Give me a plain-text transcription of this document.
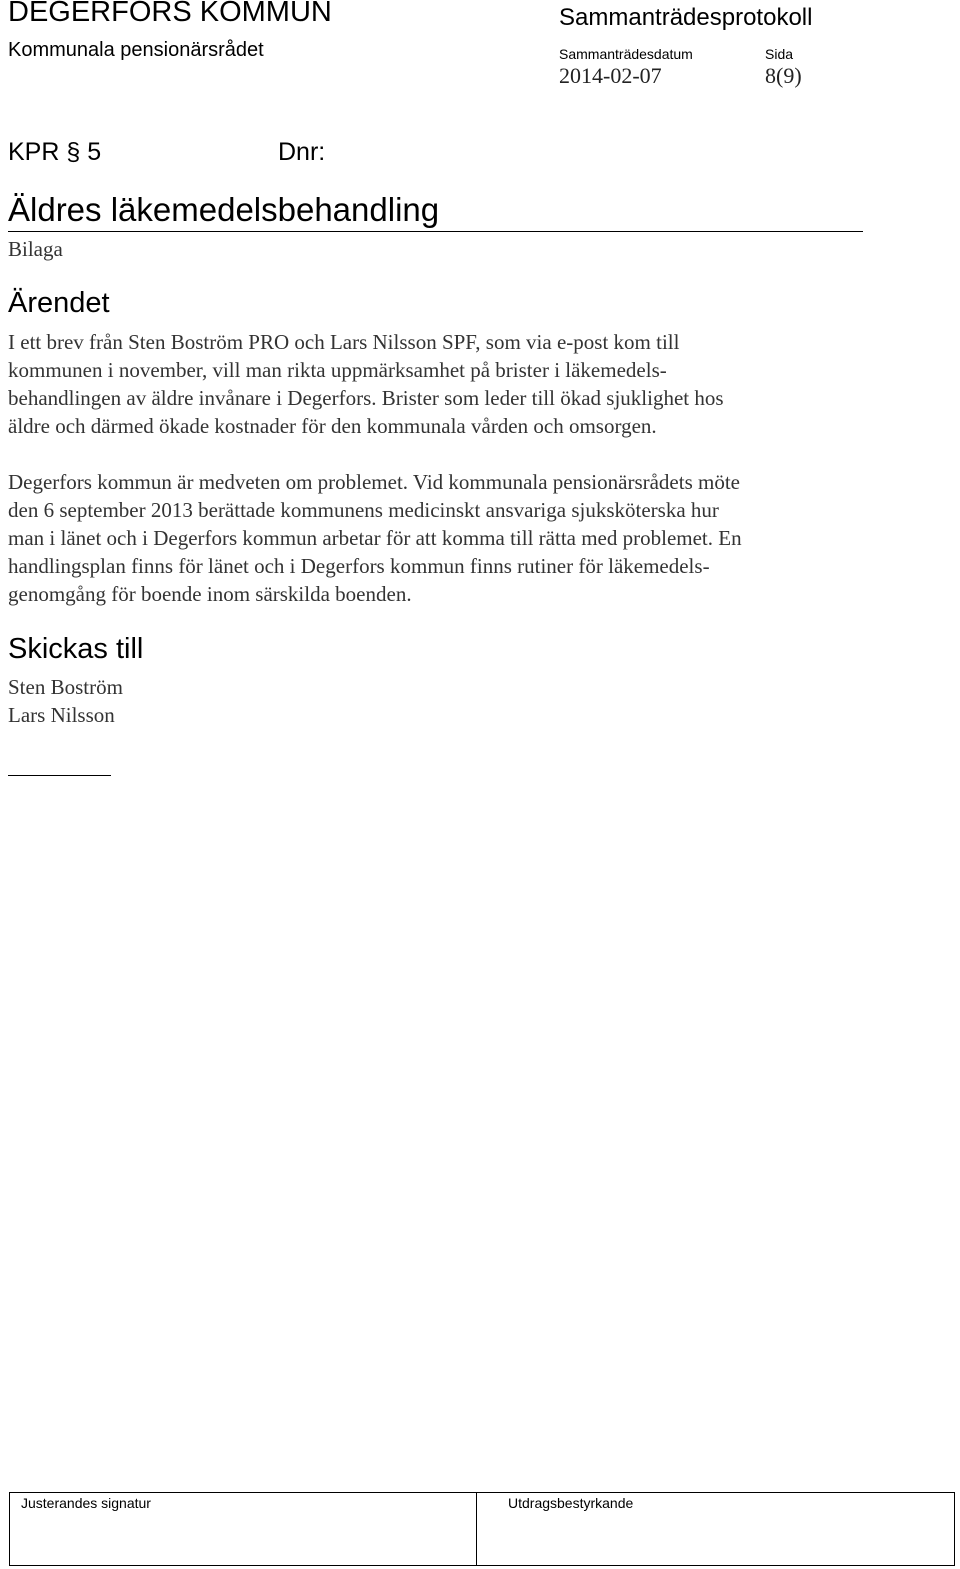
DEGERFORS KOMMUN
Kommunala pensionärsrådet
Sammanträdesprotokoll
Sammanträdesdatum	Sida
2014-02-07	8(9)
KPR § 5	Dnr:
Äldres läkemedelsbehandling
Bilaga
Ärendet
I ett brev från Sten Boström PRO och Lars Nilsson SPF, som via e-post kom till
kommunen i november, vill man rikta uppmärksamhet på brister i läkemedels-
behandlingen av äldre invånare i Degerfors. Brister som leder till ökad sjuklighet hos
äldre och därmed ökade kostnader för den kommunala vården och omsorgen.
Degerfors kommun är medveten om problemet. Vid kommunala pensionärsrådets möte
den 6 september 2013 berättade kommunens medicinskt ansvariga sjuksköterska hur
man i länet och i Degerfors kommun arbetar för att komma till rätta med problemet. En
handlingsplan finns för länet och i Degerfors kommun finns rutiner för läkemedels-
genomgång för boende inom särskilda boenden.
Skickas till
Sten Boström
Lars Nilsson
Justerandes signatur	Utdragsbestyrkande
